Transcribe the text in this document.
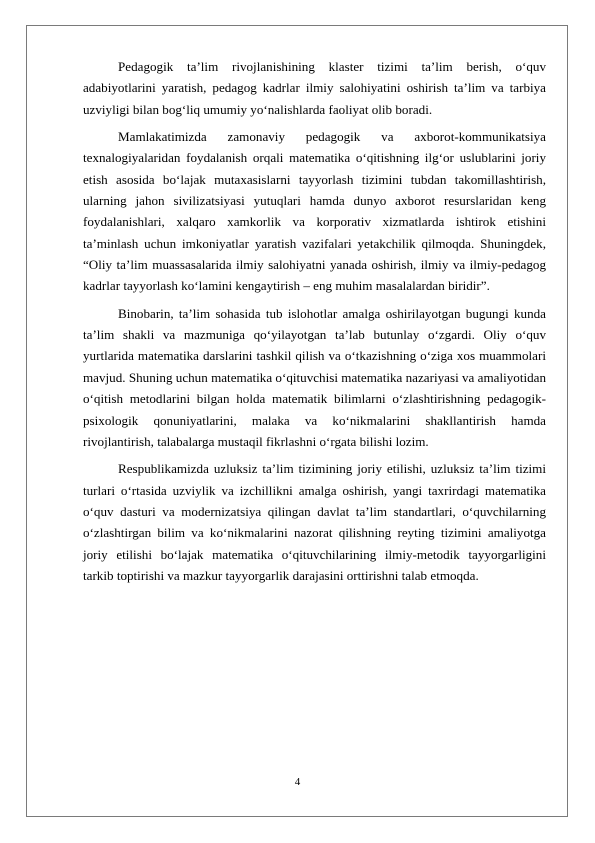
Pedagogik ta’lim rivojlanishining klaster tizimi ta’lim berish, o‘quv adabiyotlarini yaratish, pedagog kadrlar ilmiy salohiyatini oshirish ta’lim va tarbiya uzviyligi bilan bog‘liq umumiy yo‘nalishlarda faoliyat olib boradi.

Mamlakatimizda zamonaviy pedagogik va axborot-kommunikatsiya texnalogiyalaridan foydalanish orqali matematika o‘qitishning ilg‘or uslublarini joriy etish asosida bo‘lajak mutaxasislarni tayyorlash tizimini tubdan takomillashtirish, ularning jahon sivilizatsiyasi yutuqlari hamda dunyo axborot resurslaridan keng foydalanishlari, xalqaro xamkorlik va korporativ xizmatlarda ishtirok etishini ta’minlash uchun imkoniyatlar yaratish vazifalari yetakchilik qilmoqda. Shuningdek, “Oliy ta’lim muassasalarida ilmiy salohiyatni yanada oshirish, ilmiy va ilmiy-pedagog kadrlar tayyorlash ko‘lamini kengaytirish – eng muhim masalalardan biridir”.

Binobarin, ta’lim sohasida tub islohotlar amalga oshirilayotgan bugungi kunda ta’lim shakli va mazmuniga qo‘yilayotgan ta’lab butunlay o‘zgardi. Oliy o‘quv yurtlarida matematika darslarini tashkil qilish va o‘tkazishning o‘ziga xos muammolari mavjud. Shuning uchun matematika o‘qituvchisi matematika nazariyasi va amaliyotidan o‘qitish metodlarini bilgan holda matematik bilimlarni o‘zlashtirishning pedagogik-psixologik qonuniyatlarini, malaka va ko‘nikmalarini shakllantirish hamda rivojlantirish, talabalarga mustaqil fikrlashni o‘rgata bilishi lozim.

Respublikamizda uzluksiz ta’lim tizimining joriy etilishi, uzluksiz ta’lim tizimi turlari o‘rtasida uzviylik va izchillikni amalga oshirish, yangi taxrirdagi matematika o‘quv dasturi va modernizatsiya qilingan davlat ta’lim standartlari, o‘quvchilarning o‘zlashtirgan bilim va ko‘nikmalarini nazorat qilishning reyting tizimini amaliyotga joriy etilishi bo‘lajak matematika o‘qituvchilarining ilmiy-metodik tayyorgarligini tarkib toptirishi va mazkur tayyorgarlik darajasini orttirishni talab etmoqda.

4
